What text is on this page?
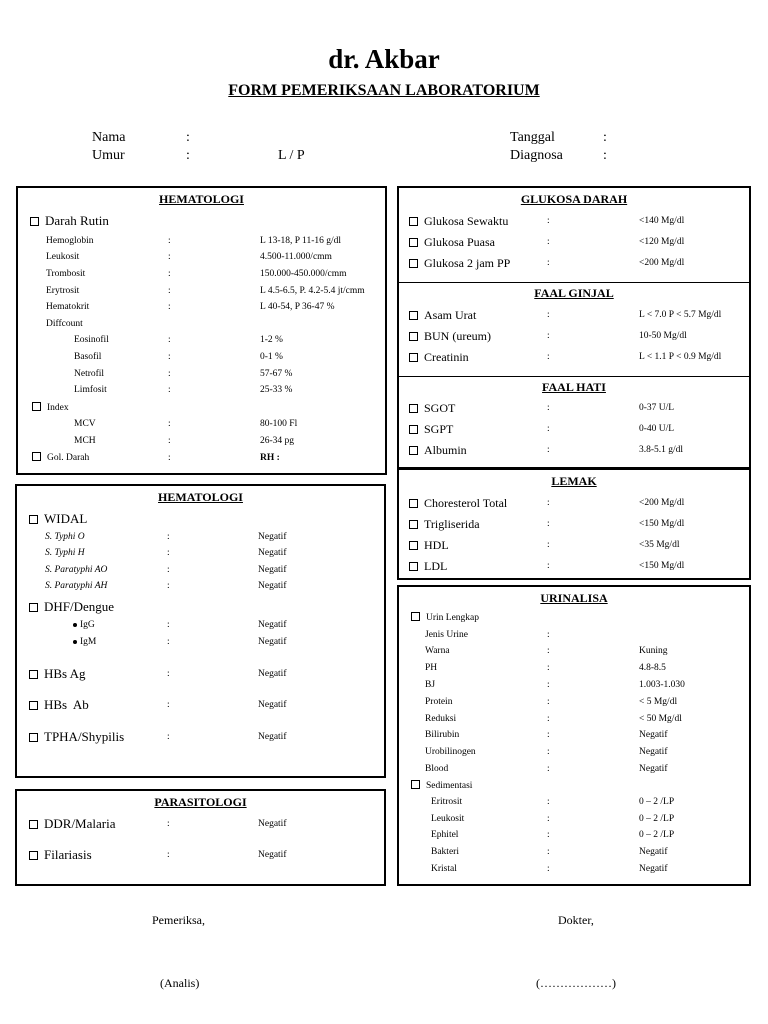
dr. Akbar
FORM PEMERIKSAAN LABORATORIUM
Nama	:
Umur	:	L / P
Tanggal	:
Diagnosa	:
HEMATOLOGI
Darah Rutin
Hemoglobin	:	L 13-18, P 11-16 g/dl
Leukosit	:	4.500-11.000/cmm
Trombosit	:	150.000-450.000/cmm
Erytrosit	:	L 4.5-6.5, P. 4.2-5.4 jt/cmm
Hematokrit	:	L 40-54, P 36-47 %
Diffcount
Eosinofil	:	1-2 %
Basofil	:	0-1 %
Netrofil	:	57-67 %
Limfosit	:	25-33 %
Index
MCV	:	80-100 Fl
MCH	:	26-34 pg
Gol. Darah	:	RH :
HEMATOLOGI
WIDAL
S. Typhi O	:	Negatif
S. Typhi H	:	Negatif
S. Paratyphi AO	:	Negatif
S. Paratyphi AH	:	Negatif
DHF/Dengue
IgG	:	Negatif
IgM	:	Negatif
HBs Ag	:	Negatif
HBs  Ab	:	Negatif
TPHA/Shypilis	:	Negatif
PARASITOLOGI
DDR/Malaria	:	Negatif
Filariasis	:	Negatif
GLUKOSA DARAH
Glukosa Sewaktu	:	<140 Mg/dl
Glukosa Puasa	:	<120 Mg/dl
Glukosa 2 jam PP	:	<200 Mg/dl
FAAL GINJAL
Asam Urat	:	L < 7.0 P < 5.7 Mg/dl
BUN (ureum)	:	10-50 Mg/dl
Creatinin	:	L < 1.1 P < 0.9 Mg/dl
FAAL HATI
SGOT	:	0-37 U/L
SGPT	:	0-40 U/L
Albumin	:	3.8-5.1 g/dl
LEMAK
Choresterol Total	:	<200 Mg/dl
Trigliserida	:	<150 Mg/dl
HDL	:	<35 Mg/dl
LDL	:	<150 Mg/dl
URINALISA
Urin Lengkap
Jenis Urine	:
Warna	:	Kuning
PH	:	4.8-8.5
BJ	:	1.003-1.030
Protein	:	< 5 Mg/dl
Reduksi	:	< 50 Mg/dl
Bilirubin	:	Negatif
Urobilinogen	:	Negatif
Blood	:	Negatif
Sedimentasi
Eritrosit	:	0 – 2 /LP
Leukosit	:	0 – 2 /LP
Ephitel	:	0 – 2 /LP
Bakteri	:	Negatif
Kristal	:	Negatif
Pemeriksa,	Dokter,
(Analis)	(………………)
